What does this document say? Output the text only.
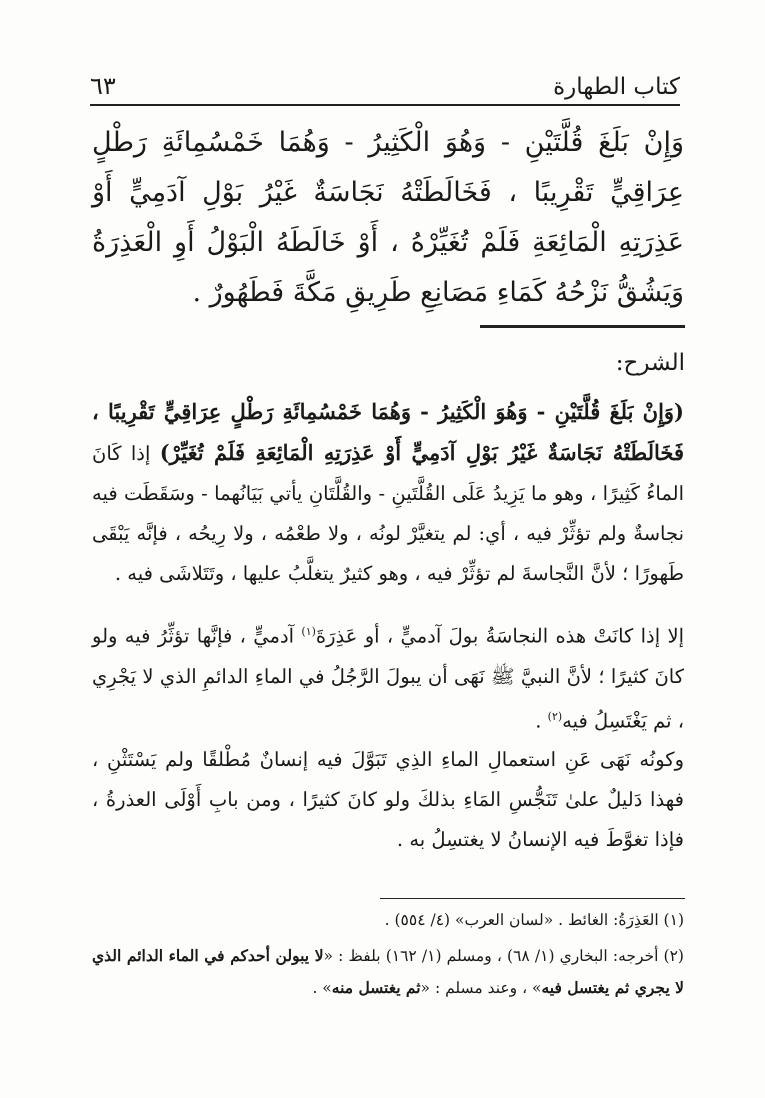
كتاب الطهارة
٦٣
وَإِنْ بَلَغَ قُلَّتَيْنِ - وَهُوَ الْكَثِيرُ - وَهُمَا خَمْسُمِائَةِ رَطْلٍ عِرَاقِيٍّ تَقْرِيبًا ، فَخَالَطَتْهُ نَجَاسَةٌ غَيْرُ بَوْلِ آدَمِيٍّ أَوْ عَذِرَتِهِ الْمَائِعَةِ فَلَمْ تُغَيِّرْهُ ، أَوْ خَالَطَهُ الْبَوْلُ أَوِ الْعَذِرَةُ وَيَشُقُّ نَزْحُهُ كَمَاءِ مَصَانِعِ طَرِيقِ مَكَّةَ فَطَهُورٌ .
الشرح:
(وَإِنْ بَلَغَ قُلَّتَيْنِ - وَهُوَ الْكَثِيرُ - وَهُمَا خَمْسُمِائَةِ رَطْلٍ عِرَاقِيٍّ تَقْرِيبًا ، فَخَالَطَتْهُ نَجَاسَةٌ غَيْرُ بَوْلِ آدَمِيٍّ أَوْ عَذِرَتِهِ الْمَائِعَةِ فَلَمْ تُغَيِّرْ) إذا كَانَ الماءُ كَثِيرًا ، وهو ما يَزِيدُ عَلَى القُلَّتَينِ - والقُلَّتَانِ يأتي بَيَانُهما - وسَقَطَت فيه نجاسةٌ ولم تؤثِّرْ فيه ، أي: لم يتغيَّرْ لونُه ، ولا طعْمُه ، ولا رِيحُه ، فإنَّه يَبْقَى طَهورًا ؛ لأنَّ النَّجاسةَ لم تؤثِّرْ فيه ، وهو كثيرٌ يتغلَّبُ عليها ، وتَتَلاشَى فيه .
إلا إذا كانَتْ هذه النجاسَةُ بولَ آدميٍّ ، أو عَذِرَةَ$^{(١)}$ آدميٍّ ، فإنَّها تؤثِّرُ فيه ولو كانَ كثيرًا ؛ لأنَّ النبيَّ ﷺ نَهَى أن يبولَ الرَّجُلُ في الماءِ الدائمِ الذي لا يَجْرِي ، ثم يَغْتَسِلُ فيه$^{(٢)}$ .
وكونُه نَهَى عَنِ استعمالِ الماءِ الذِي تَبَوَّلَ فيه إنسانٌ مُطْلقًا ولم يَسْتَثْنِ ، فهذا دَليلٌ علىٰ تَنَجُّسِ المَاءِ بذلكَ ولو كانَ كثيرًا ، ومن بابِ أَوْلَى العذرةُ ، فإذا تغوَّطَ فيه الإنسانُ لا يغتسِلُ به .

(١) العَذِرَةُ: الغائط . «لسان العرب» (٤/ ٥٥٤) .

(٢) أخرجه: البخاري (١/ ٦٨) ، ومسلم (١/ ١٦٢) بلفظ : «لا يبولن أحدكم في الماء الدائم الذي لا يجري ثم يغتسل فيه» ، وعند مسلم : «ثم يغتسل منه» .
